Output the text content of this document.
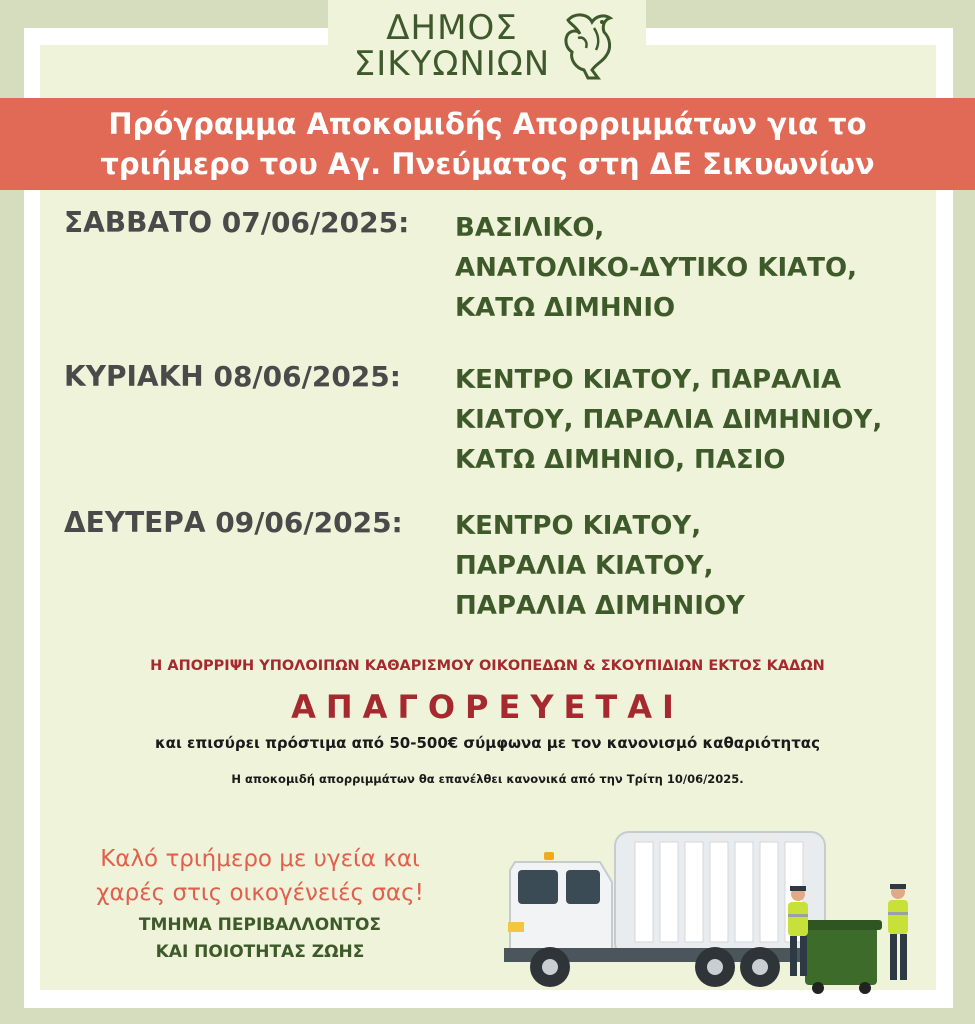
ΔΗΜΟΣ
ΣΙΚΥΩΝΙΩΝ
Πρόγραμμα Αποκομιδής Απορριμμάτων για το
τριήμερο του Αγ. Πνεύματος στη ΔΕ Σικυωνίων
ΣΑΒΒΑΤΟ 07/06/2025: ΒΑΣΙΛΙΚΟ,
ΑΝΑΤΟΛΙΚΟ-ΔΥΤΙΚΟ ΚΙΑΤΟ,
ΚΑΤΩ ΔΙΜΗΝΙΟ
ΚΥΡΙΑΚΗ 08/06/2025: ΚΕΝΤΡΟ ΚΙΑΤΟΥ, ΠΑΡΑΛΙΑ
ΚΙΑΤΟΥ, ΠΑΡΑΛΙΑ ΔΙΜΗΝΙΟΥ,
ΚΑΤΩ ΔΙΜΗΝΙΟ, ΠΑΣΙΟ
ΔΕΥΤΕΡΑ 09/06/2025: ΚΕΝΤΡΟ ΚΙΑΤΟΥ,
ΠΑΡΑΛΙΑ ΚΙΑΤΟΥ,
ΠΑΡΑΛΙΑ ΔΙΜΗΝΙΟΥ
Η ΑΠΟΡΡΙΨΗ ΥΠΟΛΟΙΠΩΝ ΚΑΘΑΡΙΣΜΟΥ ΟΙΚΟΠΕΔΩΝ & ΣΚΟΥΠΙΔΙΩΝ ΕΚΤΟΣ ΚΑΔΩΝ
ΑΠΑΓΟΡΕΥΕΤΑΙ
και επισύρει πρόστιμα από 50-500€ σύμφωνα με τον κανονισμό καθαριότητας
Η αποκομιδή απορριμμάτων θα επανέλθει κανονικά από την Τρίτη 10/06/2025.
Καλό τριήμερο με υγεία και
χαρές στις οικογένειές σας!
ΤΜΗΜΑ ΠΕΡΙΒΑΛΛΟΝΤΟΣ
ΚΑΙ ΠΟΙΟΤΗΤΑΣ ΖΩΗΣ
